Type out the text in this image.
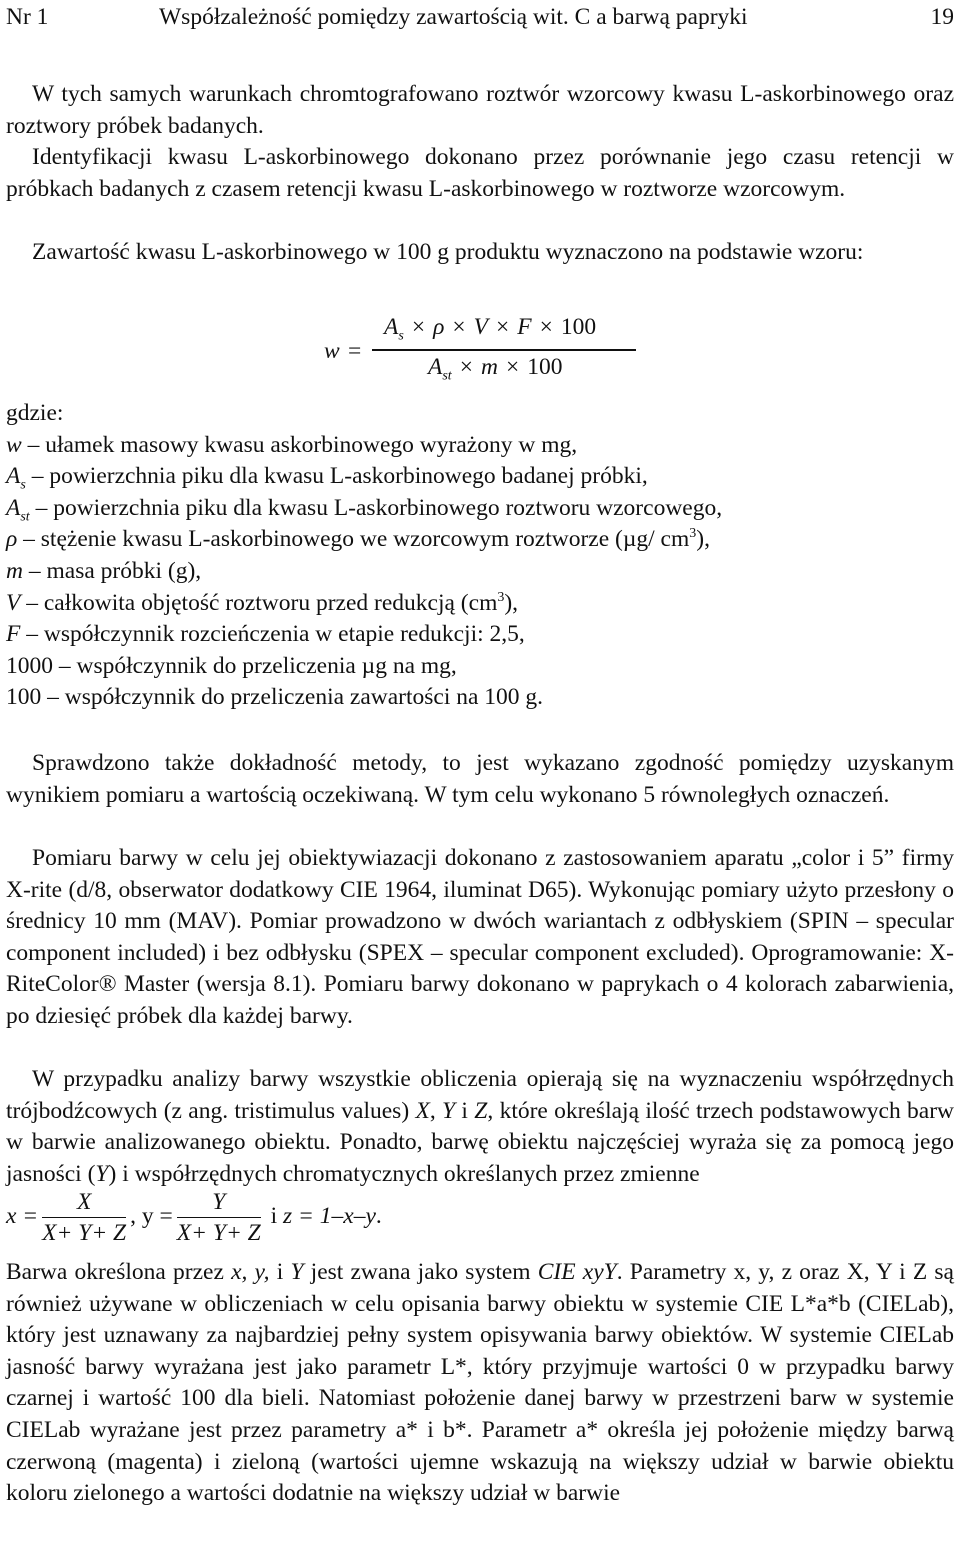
Nr 1	Współzależność pomiędzy zawartością wit. C a barwą papryki	19

W tych samych warunkach chromtografowano roztwór wzorcowy kwasu L-askorbinowego oraz roztwory próbek badanych.

Identyfikacji kwasu L-askorbinowego dokonano przez porównanie jego czasu retencji w próbkach badanych z czasem retencji kwasu L-askorbinowego w roztworze wzorcowym.

Zawartość kwasu L-askorbinowego w 100 g produktu wyznaczono na podstawie wzoru:

w =
$A_s \times \rho \times V \times F \times 100$
$A_{st} \times m \times 100$
gdzie:
w – ułamek masowy kwasu askorbinowego wyrażony w mg,
$A_s$ – powierzchnia piku dla kwasu L-askorbinowego badanej próbki,
$A_{st}$ – powierzchnia piku dla kwasu L-askorbinowego roztworu wzorcowego,
ρ – stężenie kwasu L-askorbinowego we wzorcowym roztworze (µg/ $cm^3$),
m – masa próbki (g),
V – całkowita objętość roztworu przed redukcją $(cm^3)$,
F – współczynnik rozcieńczenia w etapie redukcji: 2,5,
1000 – współczynnik do przeliczenia µg na mg,
100 – współczynnik do przeliczenia zawartości na 100 g.

Sprawdzono także dokładność metody, to jest wykazano zgodność pomiędzy uzyskanym wynikiem pomiaru a wartością oczekiwaną. W tym celu wykonano 5 równoległych oznaczeń.

Pomiaru barwy w celu jej obiektywiazacji dokonano z zastosowaniem aparatu „color i 5” firmy X-rite (d/8, obserwator dodatkowy CIE 1964, iluminat D65). Wykonując pomiary użyto przesłony o średnicy 10 mm (MAV). Pomiar prowadzono w dwóch wariantach z odbłyskiem (SPIN – specular component included) i bez odbłysku (SPEX – specular component excluded). Oprogramowanie: X-RiteColor® Master (wersja 8.1). Pomiaru barwy dokonano w paprykach o 4 kolorach zabarwienia, po dziesięć próbek dla każdej barwy.

W przypadku analizy barwy wszystkie obliczenia opierają się na wyznaczeniu współrzędnych trójbodźcowych (z ang. tristimulus values) X, Y i Z, które określają ilość trzech podstawowych barw w barwie analizowanego obiektu. Ponadto, barwę obiektu najczęściej wyraża się za pomocą jego jasności (Y) i współrzędnych chromatycznych określanych przez zmienne

$x = \frac{X}{X+ Y+ Z}$ , $y = \frac{Y}{X+ Y+ Z}$ i z = 1–x–y.

Barwa określona przez x, y, i Y jest zwana jako system CIE xyY. Parametry x, y, z oraz X, Y i Z są również używane w obliczeniach w celu opisania barwy obiektu w systemie CIE L*a*b (CIELab), który jest uznawany za najbardziej pełny system opisywania barwy obiektów. W systemie CIELab jasność barwy wyrażana jest jako parametr L*, który przyjmuje wartości 0 w przypadku barwy czarnej i wartość 100 dla bieli. Natomiast położenie danej barwy w przestrzeni barw w systemie CIELab wyrażane jest przez parametry a* i b*. Parametr a* określa jej położenie między barwą czerwoną (magenta) i zieloną (wartości ujemne wskazują na większy udział w barwie obiektu koloru zielonego a wartości dodatnie na większy udział w barwie
